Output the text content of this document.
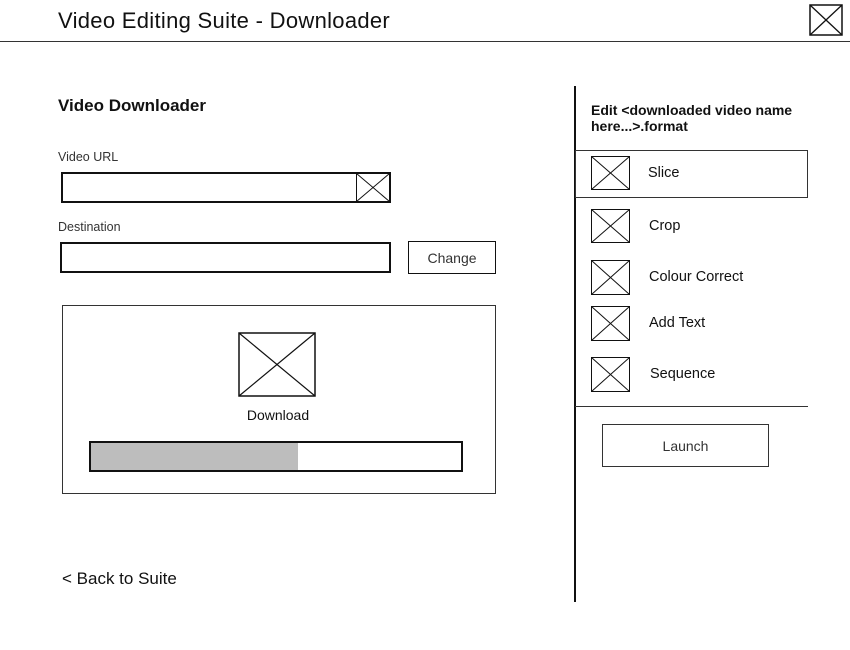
Video Editing Suite - Downloader
Video Downloader
Video URL
Destination
Change
Download
< Back to Suite
Edit <downloaded video name here...>.format
Slice
Crop
Colour Correct
Add Text
Sequence
Launch
